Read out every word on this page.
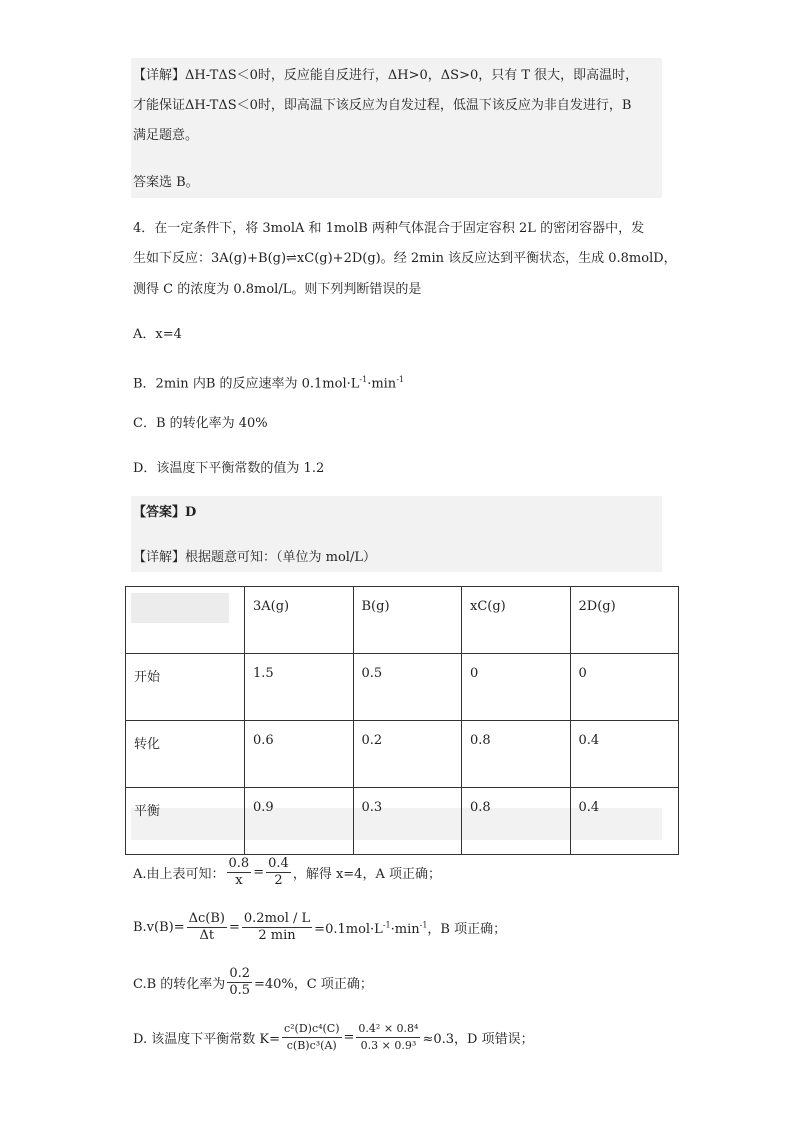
【详解】ΔH-TΔS＜0时，反应能自反进行，ΔH>0，ΔS>0，只有 T 很大，即高温时，
才能保证ΔH-TΔS＜0时，即高温下该反应为自发过程，低温下该反应为非自发进行，B
满足题意。
答案选 B。
4．在一定条件下，将 3molA 和 1molB 两种气体混合于固定容积 2L 的密闭容器中，发
生如下反应：3A(g)+B(g)⇌xC(g)+2D(g)。经 2min 该反应达到平衡状态，生成 0.8molD，
测得 C 的浓度为 0.8mol/L。则下列判断错误的是
A．x=4
B．2min 内B 的反应速率为 $0.1mol\cdot L^{-1}\cdot\min^{-1}$
C．B 的转化率为 40%
D．该温度下平衡常数的值为 1.2
【答案】D
【详解】根据题意可知：（单位为 mol/L）
	3A(g)	B(g)	xC(g)	2D(g)
开始	1.5	0.5	0	0
转化	0.6	0.2	0.8	0.4
平衡	0.9	0.3	0.8	0.4
A.由上表可知： $\frac{0.8}{x} = \frac{0.4}{2}$ ，解得 x=4，A 项正确；
$B.v(B)= \frac{\Delta c(B)}{\Delta t} = \frac{\text{0.2mol / L}}{2 \min} =0.1mol\cdot L^{-1}\cdot\min^{-1}$，B 项正确；
C.B 的转化率为 $\frac{0.2}{0.5} =40\%$，C 项正确；
D. 该温度下平衡常数 $K= \frac{\text{c²(D)c⁴(C)}}{\text{c(B)c³(A)}} = \frac{\text{0.4² × 0.8⁴}}{\text{0.3 × 0.9³}} \approx 0.3$，D 项错误；
